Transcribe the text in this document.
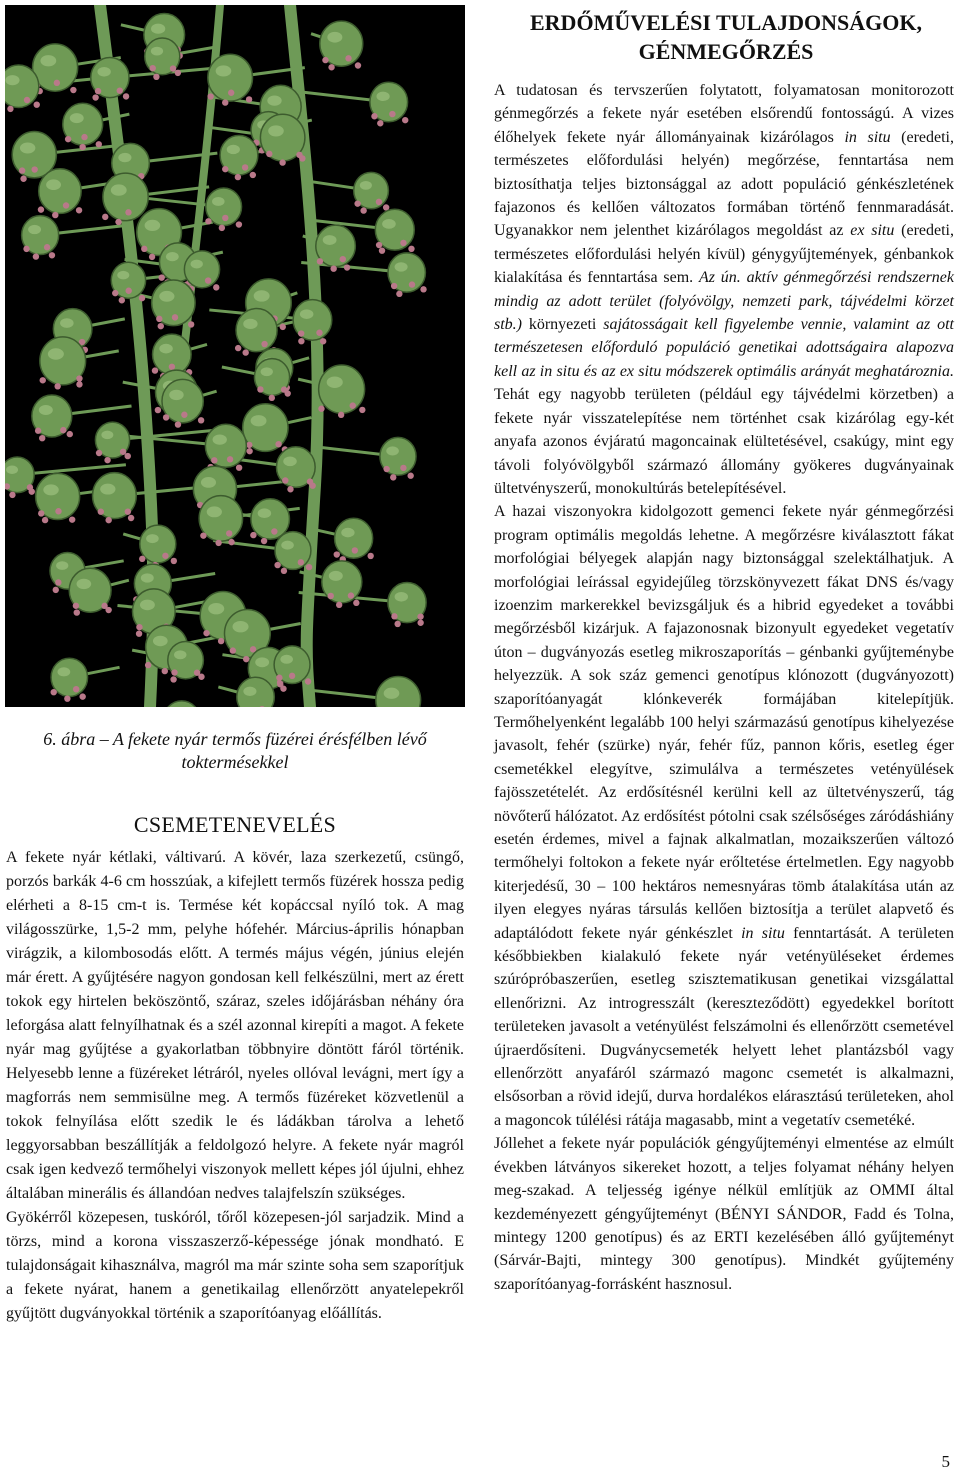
6. ábra – A fekete nyár termős füzérei érésfélben lévő
toktermésekkel
CSEMETENEVELÉS

A fekete nyár kétlaki, váltivarú. A kövér, laza szerkezetű, csüngő, porzós barkák 4-6 cm hosszúak, a kifejlett termős füzérek hossza pedig elérheti a 8-15 cm-t is. Termése két kopáccsal nyíló tok. A mag világosszürke, 1,5-2 mm, pelyhe hófehér. Március-április hónapban virágzik, a kilombosodás előtt. A termés május végén, június elején már érett. A gyűjtésére nagyon gondosan kell felkészülni, mert az érett tokok egy hirtelen beköszöntő, száraz, szeles időjárásban néhány óra leforgása alatt felnyílhatnak és a szél azonnal kirepíti a magot. A fekete nyár mag gyűjtése a gyakorlatban többnyire döntött fáról történik. Helyesebb lenne a füzéreket létráról, nyeles ollóval levágni, mert így a magforrás nem semmisülne meg. A termős füzéreket közvetlenül a tokok felnyílása előtt szedik le és ládákban tárolva a lehető leggyorsabban beszállítják a feldolgozó helyre. A fekete nyár magról csak igen kedvező termőhelyi viszonyok mellett képes jól újulni, ehhez általában minerális és állandóan nedves talajfelszín szükséges.

Gyökérről közepesen, tuskóról, tőről közepesen-jól sarjadzik. Mind a törzs, mind a korona visszaszerző-képessége jónak mondható. E tulajdonságait kihasználva, magról ma már szinte soha sem szaporítjuk a fekete nyárat, hanem a genetikailag ellenőrzött anyatelepekről gyűjtött dugványokkal történik a szaporítóanyag előállítás.

ERDŐMŰVELÉSI TULAJDONSÁGOK,
GÉNMEGŐRZÉS

A tudatosan és tervszerűen folytatott, folyamatosan monitorozott génmegőrzés a fekete nyár esetében elsőrendű fontosságú. A vizes élőhelyek fekete nyár állományainak kizárólagos in situ (eredeti, természetes előfordulási helyén) megőrzése, fenntartása nem biztosíthatja teljes biztonsággal az adott populáció génkészletének fajazonos és kellően változatos formában történő fennmaradását. Ugyanakkor nem jelenthet kizárólagos megoldást az ex situ (eredeti, természetes előfordulási helyén kívül) génygyűjtemények, génbankok kialakítása és fenntartása sem. Az ún. aktív génmegőrzési rendszernek mindig az adott terület (folyóvölgy, nemzeti park, tájvédelmi körzet stb.) környezeti sajátosságait kell figyelembe vennie, valamint az ott természetesen előforduló populáció genetikai adottságaira alapozva kell az in situ és az ex situ módszerek optimális arányát meghatároznia. Tehát egy nagyobb területen (például egy tájvédelmi körzetben) a fekete nyár visszatelepítése nem történhet csak kizárólag egy-két anyafa azonos évjáratú magoncainak elültetésével, csakúgy, mint egy távoli folyóvölgyből származó állomány gyökeres dugványainak ültetvényszerű, monokultúrás betelepítésével.

A hazai viszonyokra kidolgozott gemenci fekete nyár génmegőrzési program optimális megoldás lehetne. A megőrzésre kiválasztott fákat morfológiai bélyegek alapján nagy biztonsággal szelektálhatjuk. A morfológiai leírással egyidejűleg törzskönyvezett fákat DNS és/vagy izoenzim markerekkel bevizsgáljuk és a hibrid egyedeket a további megőrzésből kizárjuk. A fajazonosnak bizonyult egyedeket vegetatív úton – dugványozás esetleg mikroszaporítás – génbanki gyűjteménybe helyezzük. A sok száz gemenci genotípus klónozott (dugványozott) szaporítóanyagát klónkeverék formájában kitelepítjük. Termőhelyenként legalább 100 helyi származású genotípus kihelyezése javasolt, fehér (szürke) nyár, fehér fűz, pannon kőris, esetleg éger csemetékkel elegyítve, szimulálva a természetes vetényülések fajösszetételét. Az erdősítésnél kerülni kell az ültetvényszerű, tág növőterű hálózatot. Az erdősítést pótolni csak szélsőséges záródáshiány esetén érdemes, mivel a fajnak alkalmatlan, mozaikszerűen változó termőhelyi foltokon a fekete nyár erőltetése értelmetlen. Egy nagyobb kiterjedésű, 30 – 100 hektáros nemesnyáras tömb átalakítása után az ilyen elegyes nyáras társulás kellően biztosítja a terület alapvető és adaptálódott fekete nyár génkészlet in situ fenntartását. A területen későbbiekben kialakuló fekete nyár vetényüléseket érdemes szúrópróbaszerűen, esetleg szisztematikusan genetikai vizsgálattal ellenőrizni. Az introgresszált (kereszteződött) egyedekkel borított területeken javasolt a vetényülést felszámolni és ellenőrzött csemetével újraerdősíteni. Dugványcsemeték helyett lehet plantázsból vagy ellenőrzött anyafáról származó magonc csemetét is alkalmazni, elsősorban a rövid idejű, durva hordalékos elárasztású területeken, ahol a magoncok túlélési rátája magasabb, mint a vegetatív csemetéké.

Jóllehet a fekete nyár populációk géngyűjteményi elmentése az elmúlt években látványos sikereket hozott, a teljes folyamat néhány helyen meg-szakad. A teljesség igénye nélkül említjük az OMMI által kezdeményezett géngyűjteményt (BÉNYI SÁNDOR, Fadd és Tolna, mintegy 1200 genotípus) és az ERTI kezelésében álló gyűjteményt (Sárvár-Bajti, mintegy 300 genotípus). Mindkét gyűjtemény szaporítóanyag-forrásként hasznosul.

5
